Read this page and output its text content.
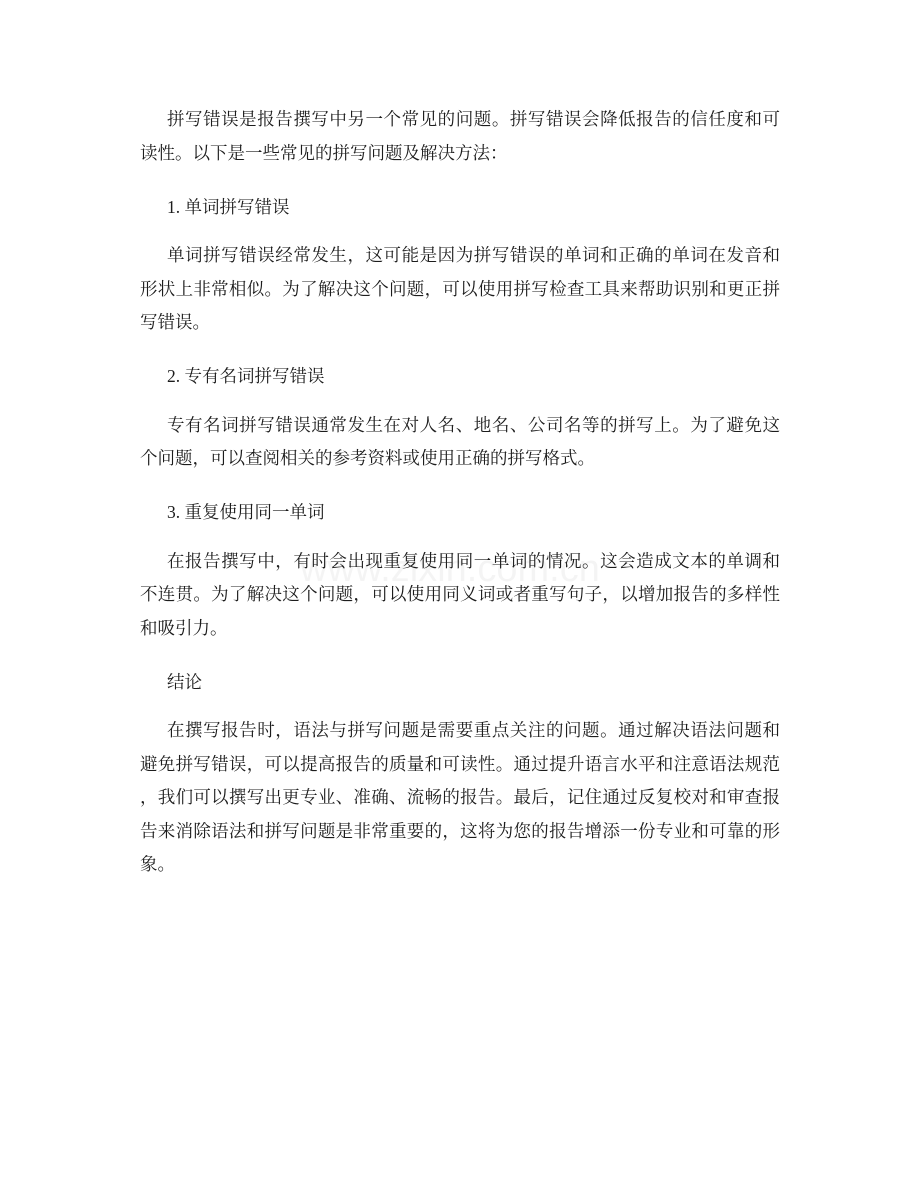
拼写错误是报告撰写中另一个常见的问题。拼写错误会降低报告的信任度和可
读性。以下是一些常见的拼写问题及解决方法：

1. 单词拼写错误

单词拼写错误经常发生，这可能是因为拼写错误的单词和正确的单词在发音和
形状上非常相似。为了解决这个问题，可以使用拼写检查工具来帮助识别和更正拼
写错误。

2. 专有名词拼写错误

专有名词拼写错误通常发生在对人名、地名、公司名等的拼写上。为了避免这
个问题，可以查阅相关的参考资料或使用正确的拼写格式。

3. 重复使用同一单词

在报告撰写中，有时会出现重复使用同一单词的情况。这会造成文本的单调和
不连贯。为了解决这个问题，可以使用同义词或者重写句子，以增加报告的多样性
和吸引力。

结论

在撰写报告时，语法与拼写问题是需要重点关注的问题。通过解决语法问题和
避免拼写错误，可以提高报告的质量和可读性。通过提升语言水平和注意语法规范
，我们可以撰写出更专业、准确、流畅的报告。最后，记住通过反复校对和审查报
告来消除语法和拼写问题是非常重要的，这将为您的报告增添一份专业和可靠的形
象。
